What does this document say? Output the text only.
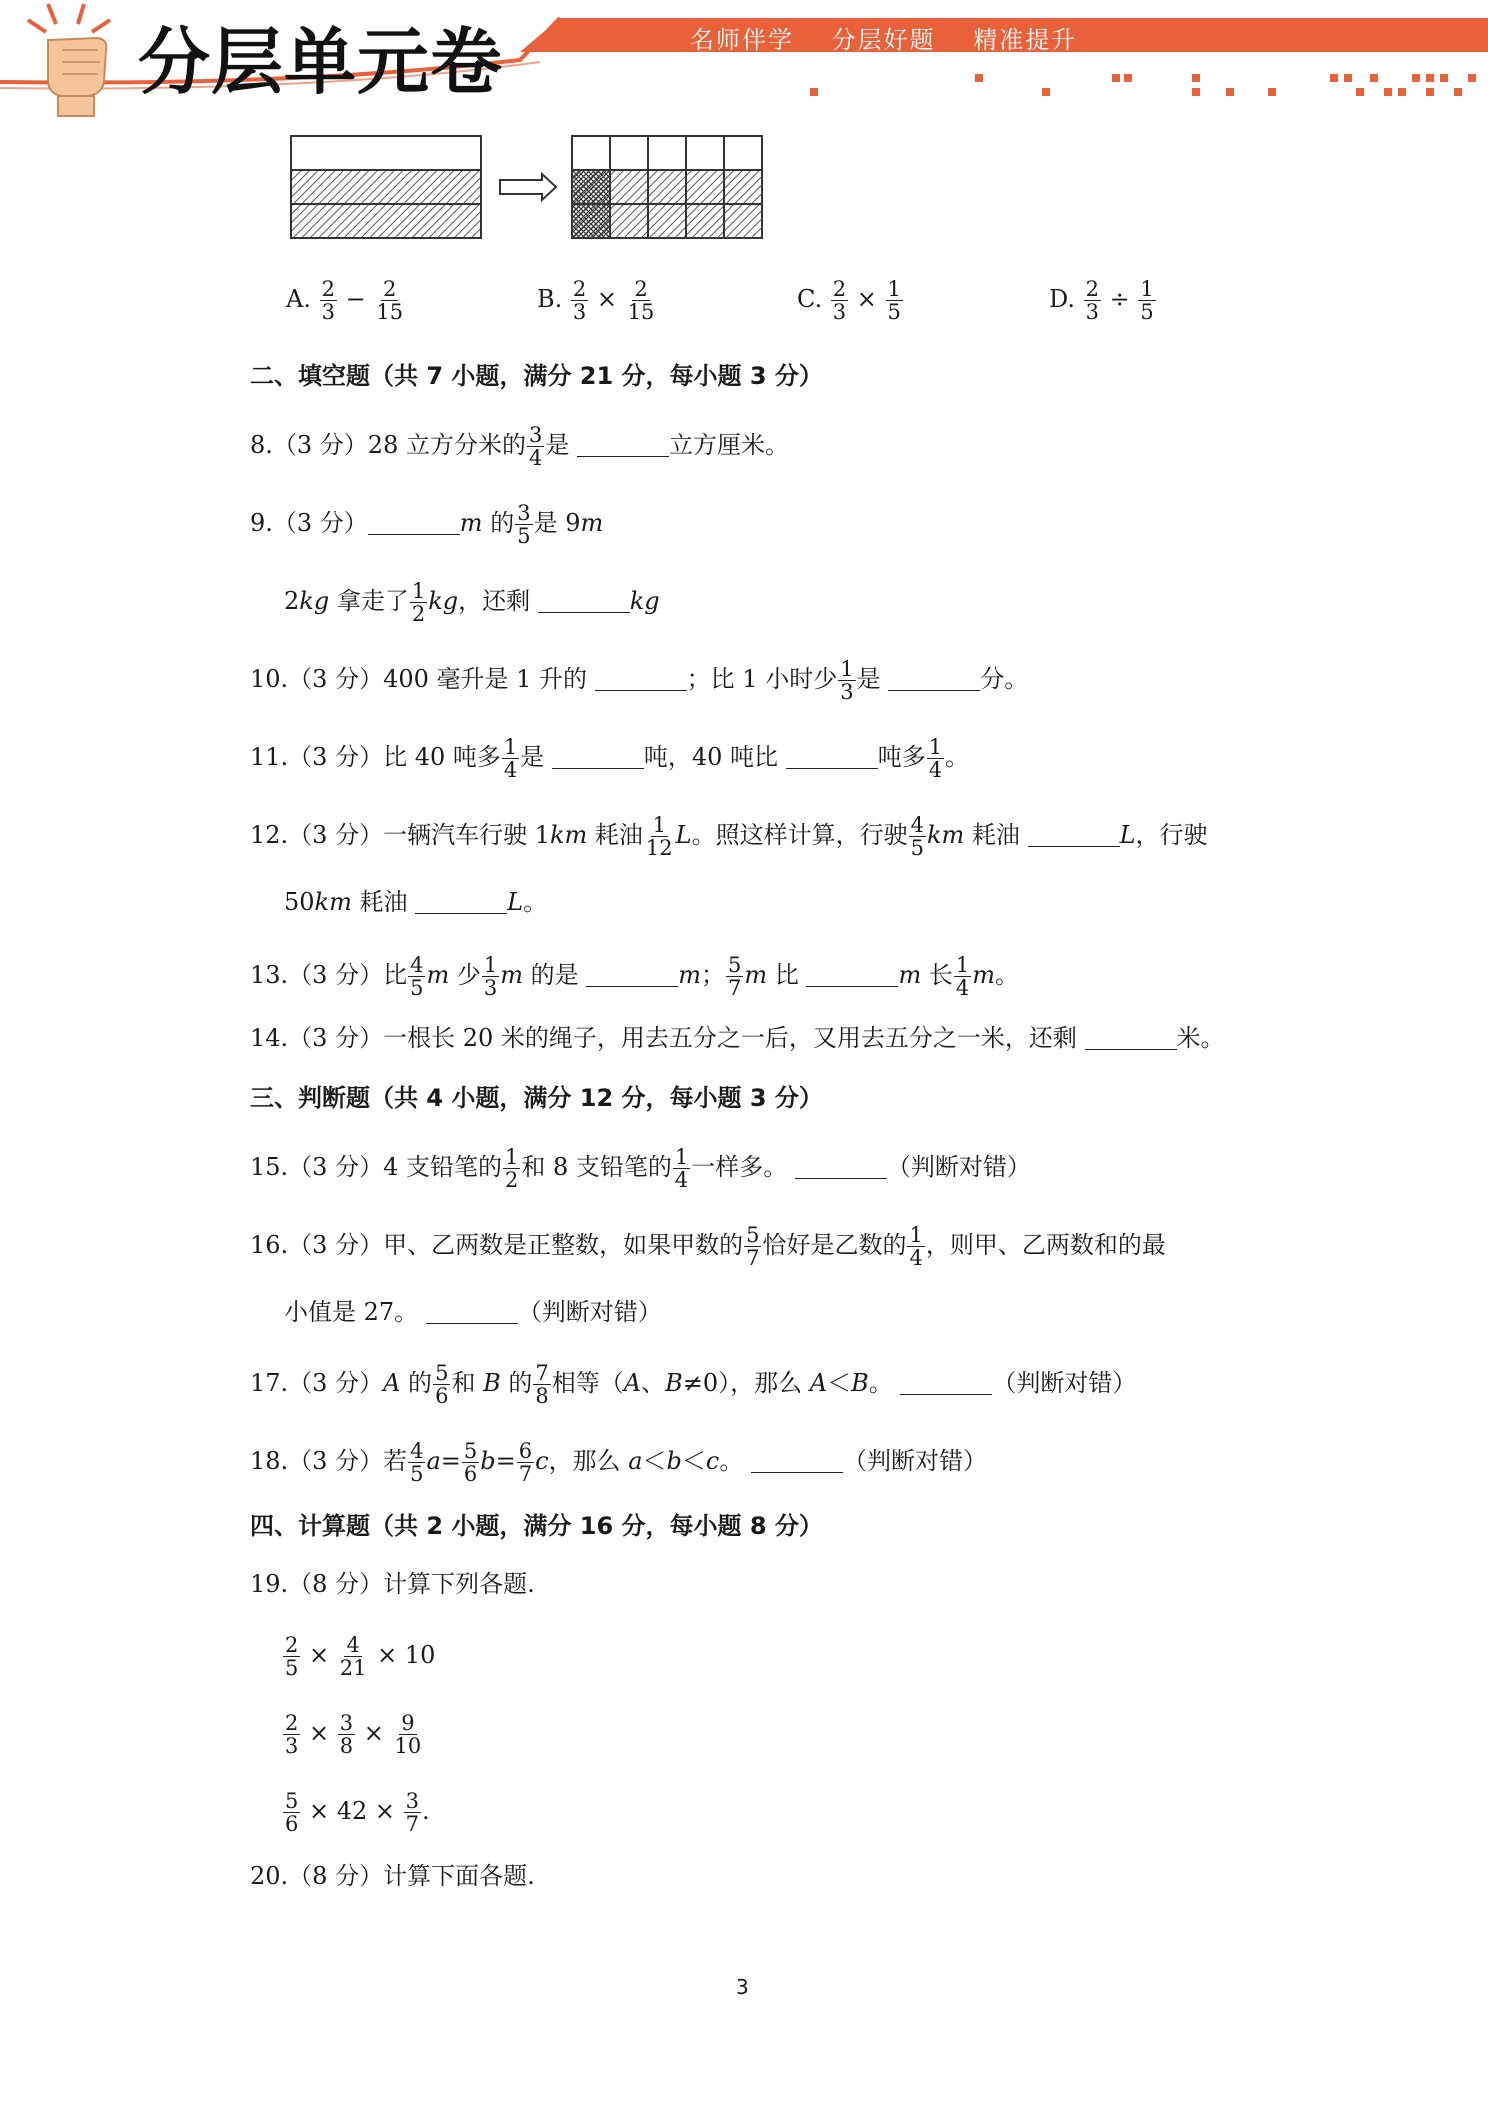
分层单元卷	名师伴学 分层好题 精准提升
A. $\frac{2}{3} - \frac{2}{15}$	B. $\frac{2}{3} \times \frac{2}{15}$	C. $\frac{2}{3} \times \frac{1}{5}$	D. $\frac{2}{3} \div \frac{1}{5}$
二、填空题（共 7 小题，满分 21 分，每小题 3 分）
8.（3 分）28 立方分米的 $\frac{3}{4}$ 是	立方厘米。
9.（3 分）	m 的 $\frac{3}{5}$ 是 9m
2kg 拿走了 $\frac{1}{2}$ kg，还剩	kg
10.（3 分）400 毫升是 1 升的	；比 1 小时少 $\frac{1}{3}$ 是	分。
11.（3 分）比 40 吨多 $\frac{1}{4}$ 是	吨，40 吨比	吨多 $\frac{1}{4}$ 。
12.（3 分）一辆汽车行驶 1km 耗油 $\frac{1}{12}$ L。照这样计算，行驶 $\frac{4}{5}$ km 耗油	L，行驶
50km 耗油	L。
13.（3 分）比 $\frac{4}{5}$ m 少 $\frac{1}{3}$ m 的是	m； $\frac{5}{7}$ m 比	m 长 $\frac{1}{4}$ m。
14.（3 分）一根长 20 米的绳子，用去五分之一后，又用去五分之一米，还剩	米。
三、判断题（共 4 小题，满分 12 分，每小题 3 分）
15.（3 分）4 支铅笔的 $\frac{1}{2}$ 和 8 支铅笔的 $\frac{1}{4}$ 一样多。	（判断对错）
16.（3 分）甲、乙两数是正整数，如果甲数的 $\frac{5}{7}$ 恰好是乙数的 $\frac{1}{4}$ ，则甲、乙两数和的最
小值是 27。	（判断对错）
17.（3 分）A 的 $\frac{5}{6}$ 和 B 的 $\frac{7}{8}$ 相等（A、B≠0），那么 A＜B。	（判断对错）
18.（3 分）若 $\frac{4}{5} a= \frac{5}{6} b= \frac{6}{7}$ c，那么 a＜b＜c。	（判断对错）
四、计算题（共 2 小题，满分 16 分，每小题 8 分）
19.（8 分）计算下列各题.
$\frac{2}{5} \times \frac{4}{21} \times 10$
$\frac{2}{3} \times \frac{3}{8} \times \frac{9}{10}$
$\frac{5}{6} \times 42 \times \frac{3}{7}$ .
20.（8 分）计算下面各题.
3
